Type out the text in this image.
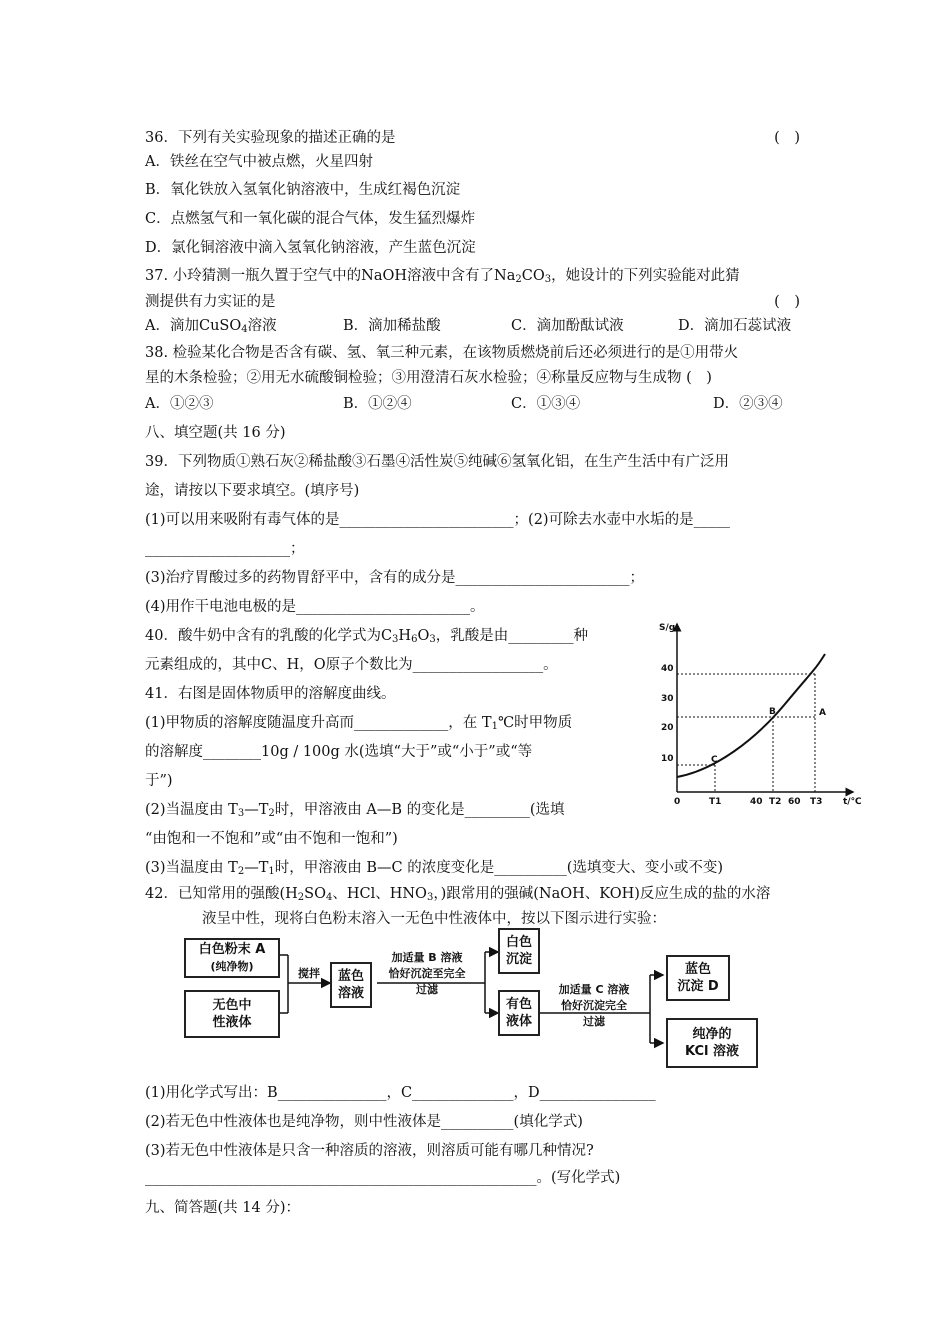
36．下列有关实验现象的描述正确的是	(　)
A．铁丝在空气中被点燃，火星四射
B．氧化铁放入氢氧化钠溶液中，生成红褐色沉淀
C．点燃氢气和一氧化碳的混合气体，发生猛烈爆炸
D．氯化铜溶液中滴入氢氧化钠溶液，产生蓝色沉淀
37. 小玲猜测一瓶久置于空气中的NaOH溶液中含有了$Na_2CO_3$，她设计的下列实验能对此猜
测提供有力实证的是	(　)
A．滴加CuSO$_4$溶液	B．滴加稀盐酸	C．滴加酚酞试液	D．滴加石蕊试液
38. 检验某化合物是否含有碳、氢、氧三种元素，在该物质燃烧前后还必须进行的是①用带火
星的木条检验；②用无水硫酸铜检验；③用澄清石灰水检验；④称量反应物与生成物 (　)
A．①②③	B．①②④	C．①③④	D．②③④
八、填空题(共 16 分)
39．下列物质①熟石灰②稀盐酸③石墨④活性炭⑤纯碱⑥氢氧化铝，在生产生活中有广泛用
途，请按以下要求填空。(填序号)
(1)可以用来吸附有毒气体的是________________________；(2)可除去水壶中水垢的是_____
____________________；
(3)治疗胃酸过多的药物胃舒平中，含有的成分是________________________；
(4)用作干电池电极的是________________________。
40．酸牛奶中含有的乳酸的化学式为$C_3H_6O_3$，乳酸是由_________种
元素组成的，其中C、H，O原子个数比为__________________。
41．右图是固体物质甲的溶解度曲线。
(1)甲物质的溶解度随温度升高而_____________，在 $T_1℃$时甲物质
的溶解度________10g / 100g 水(选填“大于”或“小于”或“等
于”)
(2)当温度由 $T_3—T_2$时，甲溶液由 A—B 的变化是_________(选填
“由饱和一不饱和”或“由不饱和一饱和”)
(3)当温度由 $T_2—T_1$时，甲溶液由 B—C 的浓度变化是__________(选填变大、变小或不变)
S/g
t/℃
10
20
30
40
0	T1	40 T2 60 T3
A
B
C
42．已知常用的强酸($H_2SO_4$、HCl、$HNO_3$，)跟常用的强碱(NaOH、KOH)反应生成的盐的水溶
液呈中性，现将白色粉末溶入一无色中性液体中，按以下图示进行实验：
白色粉末 A
(纯净物)
无色中
性液体
搅拌	蓝色
溶液
加适量 B 溶液
恰好沉淀至完全
过滤
白色
沉淀
有色
液体
加适量 C 溶液
恰好沉淀完全
过滤
蓝色
沉淀 D
纯净的
KCl 溶液
(1)用化学式写出：B_______________，C______________，D________________
(2)若无色中性液体也是纯净物，则中性液体是__________(填化学式)
(3)若无色中性液体是只含一种溶质的溶液，则溶质可能有哪几种情况?
______________________________________________________。(写化学式)
九、简答题(共 14 分)：
